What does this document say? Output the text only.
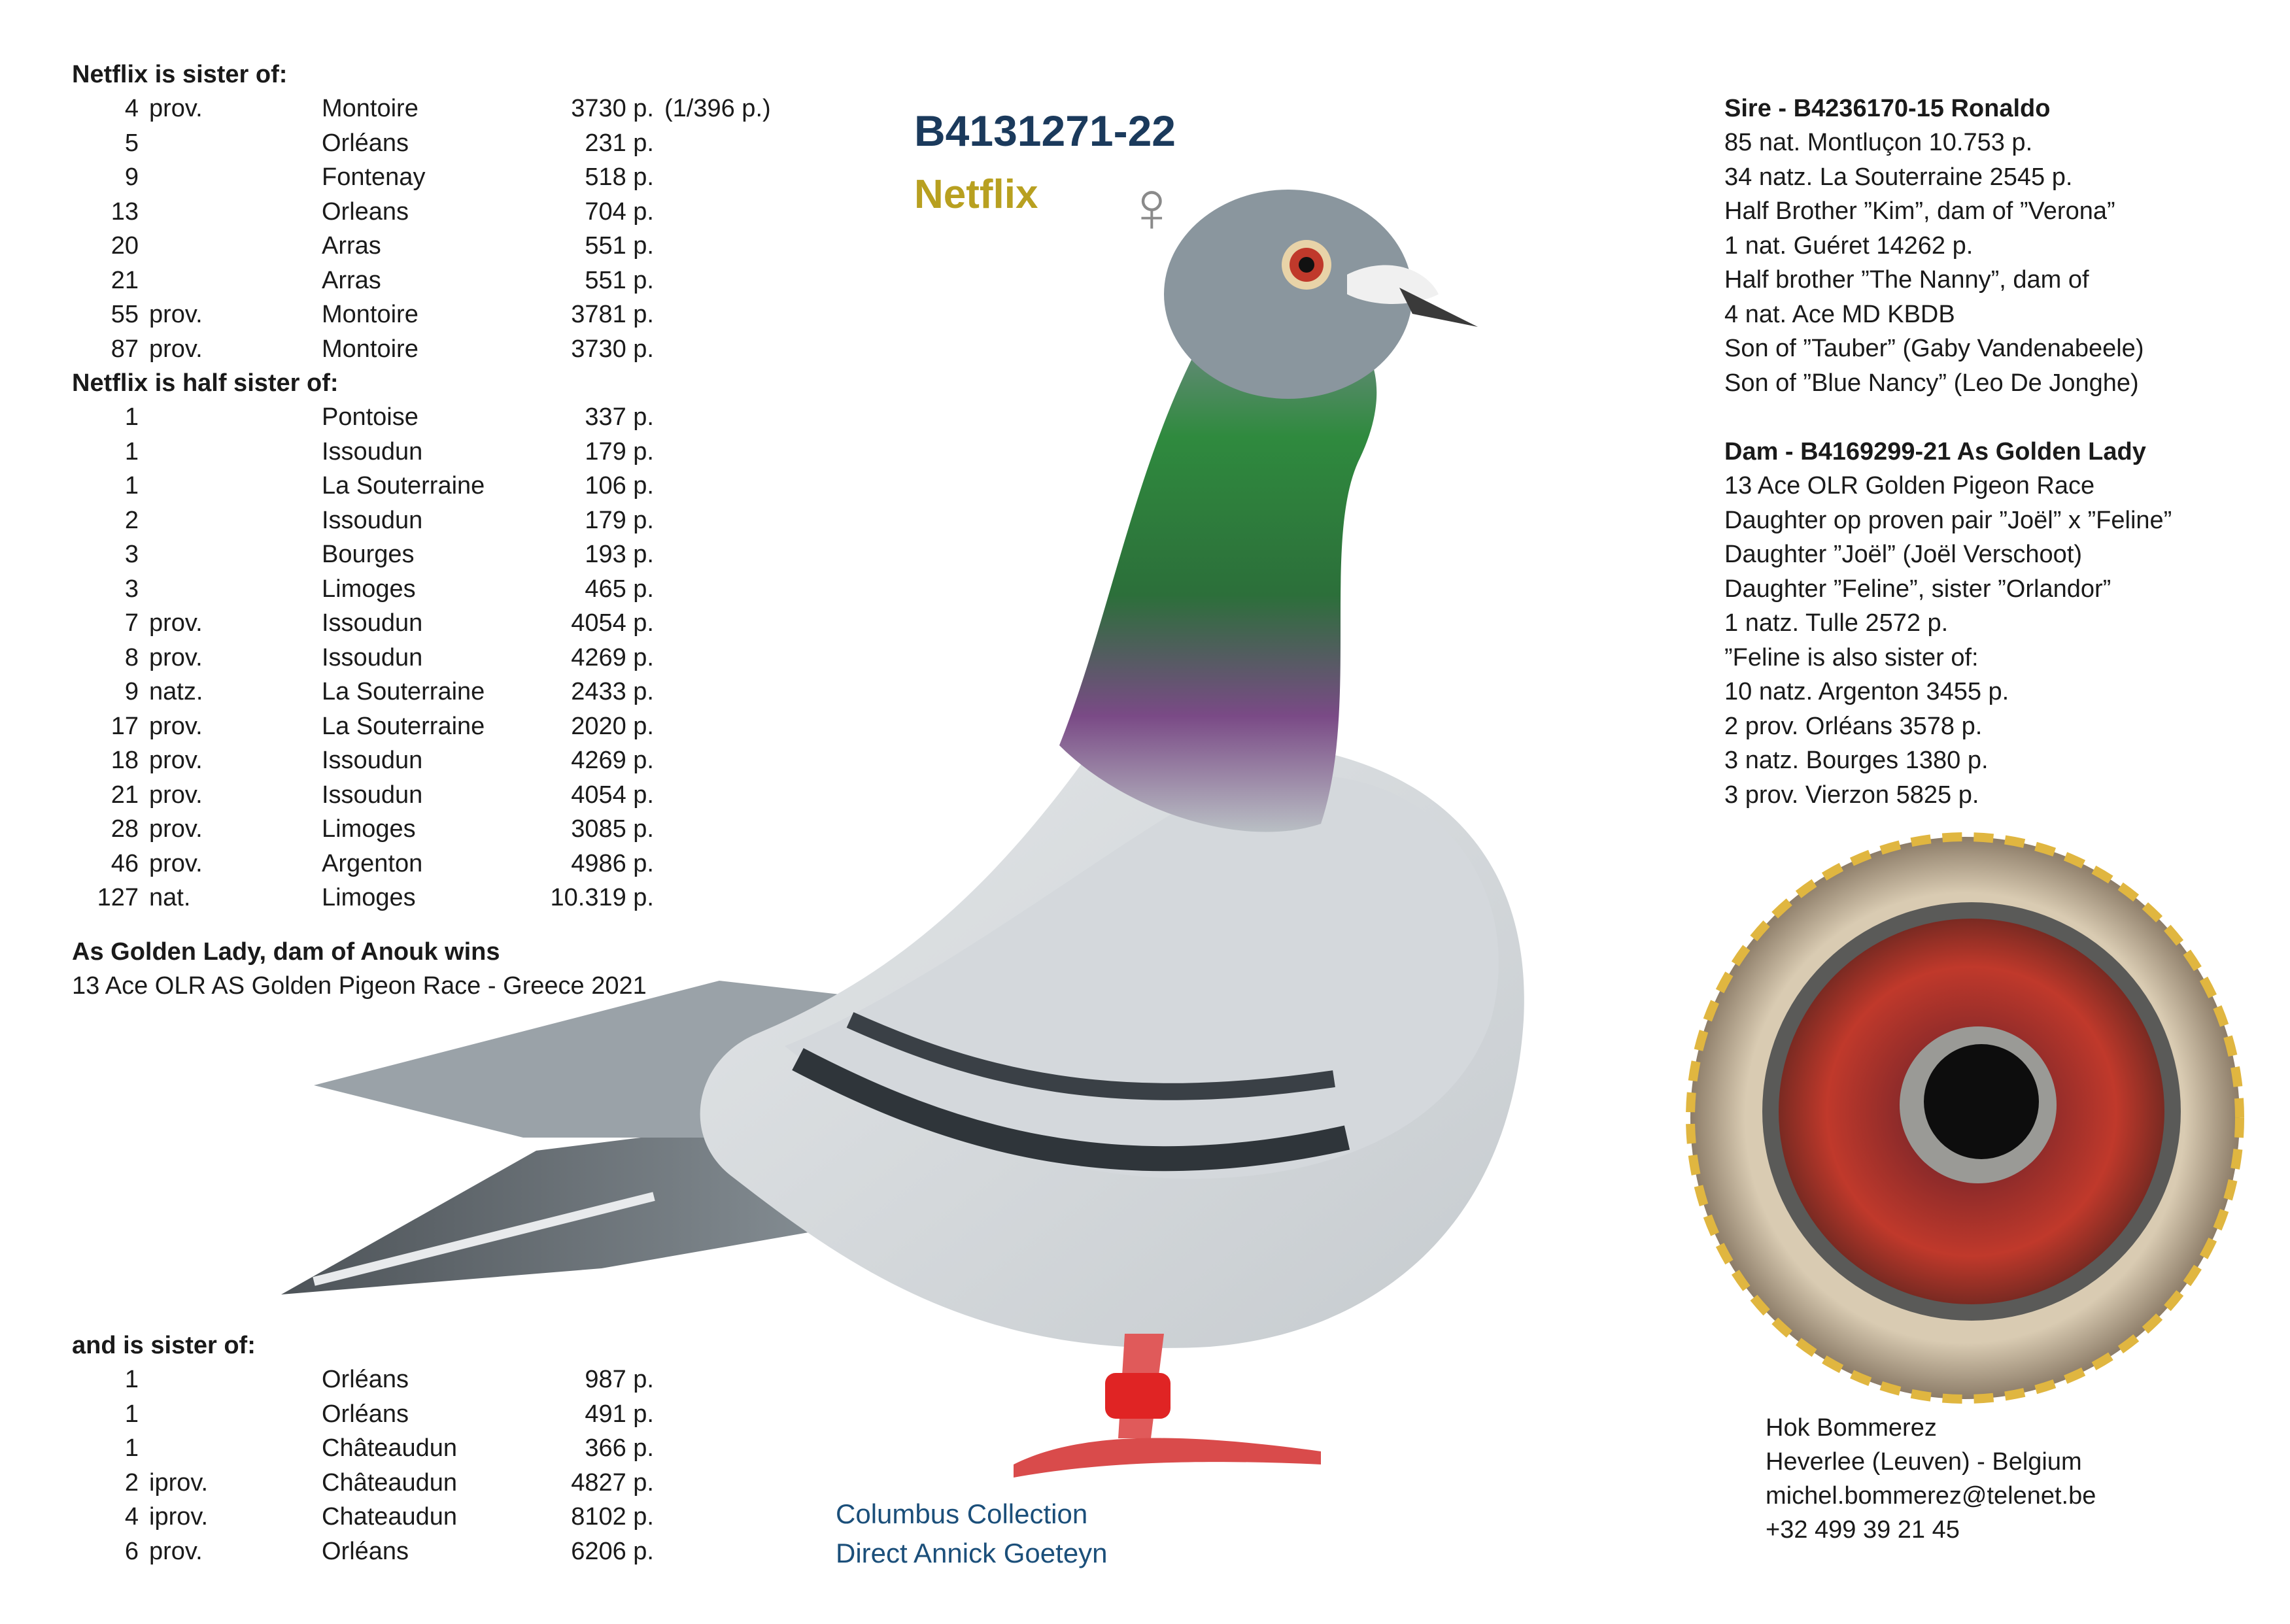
Netflix is sister of:
4 prov.	Montoire	3730 p. (1/396 p.)
5	Orléans	231 p.
9	Fontenay	518 p.
13	Orleans	704 p.
20	Arras	551 p.
21	Arras	551 p.
55 prov.	Montoire	3781 p.
87 prov.	Montoire	3730 p.
Netflix is half sister of:
1	Pontoise	337 p.
1	Issoudun	179 p.
1	La Souterraine	106 p.
2	Issoudun	179 p.
3	Bourges	193 p.
3	Limoges	465 p.
7 prov.	Issoudun	4054 p.
8 prov.	Issoudun	4269 p.
9 natz.	La Souterraine	2433 p.
17 prov.	La Souterraine	2020 p.
18 prov.	Issoudun	4269 p.
21 prov.	Issoudun	4054 p.
28 prov.	Limoges	3085 p.
46 prov.	Argenton	4986 p.
127 nat.	Limoges	10.319 p.
As Golden Lady, dam of Anouk wins
13 Ace OLR AS Golden Pigeon Race - Greece 2021
and is sister of:
1	Orléans	987 p.
1	Orléans	491 p.
1	Châteaudun	366 p.
2 iprov.	Châteaudun	4827 p.
4 iprov.	Chateaudun	8102 p.
6 prov.	Orléans	6206 p.
B4131271-22
Netflix ♀
Sire - B4236170-15 Ronaldo
85 nat. Montluçon 10.753 p.
34 natz. La Souterraine 2545 p.
Half Brother ”Kim”, dam of ”Verona”
1 nat. Guéret 14262 p.
Half brother ”The Nanny”, dam of
4 nat. Ace MD KBDB
Son of ”Tauber” (Gaby Vandenabeele)
Son of ”Blue Nancy” (Leo De Jonghe)
Dam - B4169299-21 As Golden Lady
13 Ace OLR Golden Pigeon Race
Daughter op proven pair ”Joël” x ”Feline”
Daughter ”Joël” (Joël Verschoot)
Daughter ”Feline”, sister ”Orlandor”
1 natz. Tulle 2572 p.
”Feline is also sister of:
10 natz. Argenton 3455 p.
2 prov. Orléans 3578 p.
3 natz. Bourges 1380 p.
3 prov. Vierzon 5825 p.
Columbus Collection
Direct Annick Goeteyn
Hok Bommerez
Heverlee (Leuven) - Belgium
michel.bommerez@telenet.be
+32 499 39 21 45
